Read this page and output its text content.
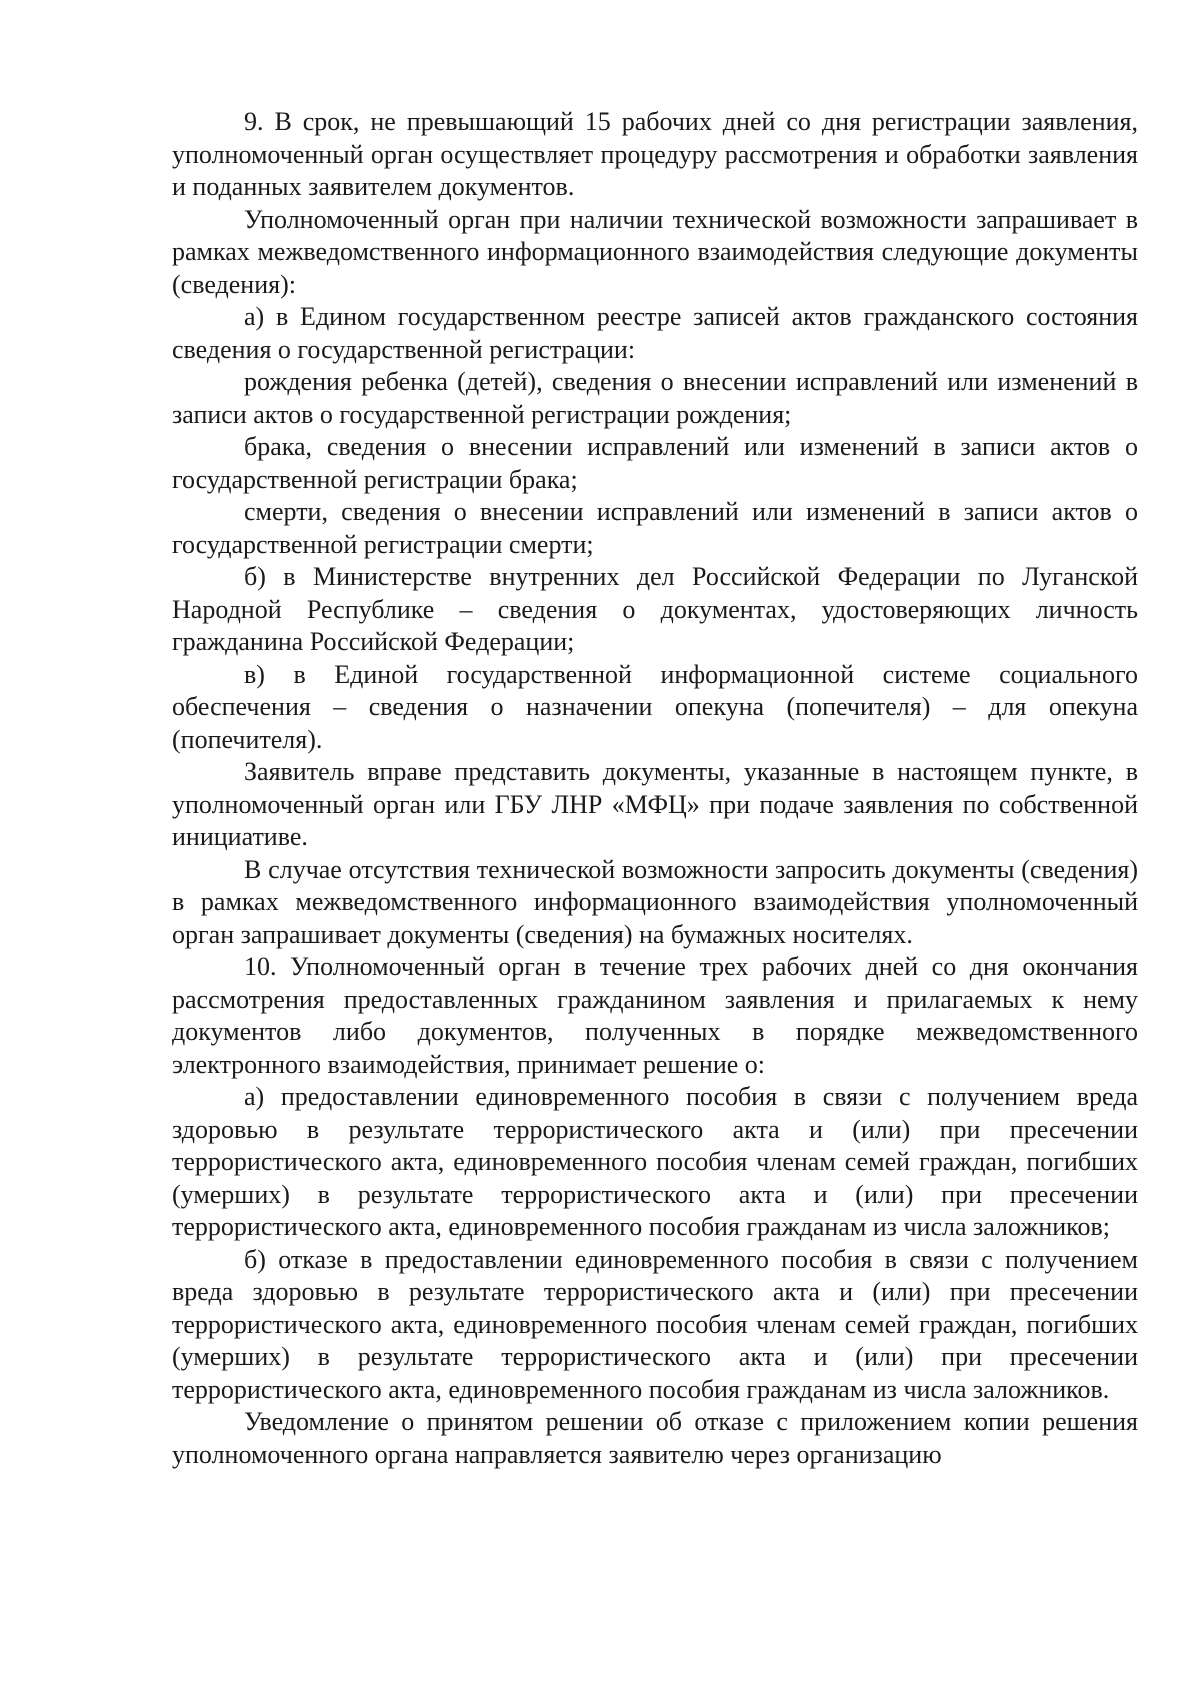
9. В срок, не превышающий 15 рабочих дней со дня регистрации заявления, уполномоченный орган осуществляет процедуру рассмотрения и обработки заявления и поданных заявителем документов.

Уполномоченный орган при наличии технической возможности запрашивает в рамках межведомственного информационного взаимодействия следующие документы (сведения):

а) в Едином государственном реестре записей актов гражданского состояния сведения о государственной регистрации:

рождения ребенка (детей), сведения о внесении исправлений или изменений в записи актов о государственной регистрации рождения;

брака, сведения о внесении исправлений или изменений в записи актов о государственной регистрации брака;

смерти, сведения о внесении исправлений или изменений в записи актов о государственной регистрации смерти;

б) в Министерстве внутренних дел Российской Федерации по Луганской Народной Республике – сведения о документах, удостоверяющих личность гражданина Российской Федерации;

в) в Единой государственной информационной системе социального обеспечения – сведения о назначении опекуна (попечителя) – для опекуна (попечителя).

Заявитель вправе представить документы, указанные в настоящем пункте, в уполномоченный орган или ГБУ ЛНР «МФЦ» при подаче заявления по собственной инициативе.

В случае отсутствия технической возможности запросить документы (сведения) в рамках межведомственного информационного взаимодействия уполномоченный орган запрашивает документы (сведения) на бумажных носителях.

10. Уполномоченный орган в течение трех рабочих дней со дня окончания рассмотрения предоставленных гражданином заявления и прилагаемых к нему документов либо документов, полученных в порядке межведомственного электронного взаимодействия, принимает решение о:

а) предоставлении единовременного пособия в связи с получением вреда здоровью в результате террористического акта и (или) при пресечении террористического акта, единовременного пособия членам семей граждан, погибших (умерших) в результате террористического акта и (или) при пресечении террористического акта, единовременного пособия гражданам из числа заложников;

б) отказе в предоставлении единовременного пособия в связи с получением вреда здоровью в результате террористического акта и (или) при пресечении террористического акта, единовременного пособия членам семей граждан, погибших (умерших) в результате террористического акта и (или) при пресечении террористического акта, единовременного пособия гражданам из числа заложников.

Уведомление о принятом решении об отказе с приложением копии решения уполномоченного органа направляется заявителю через организацию
